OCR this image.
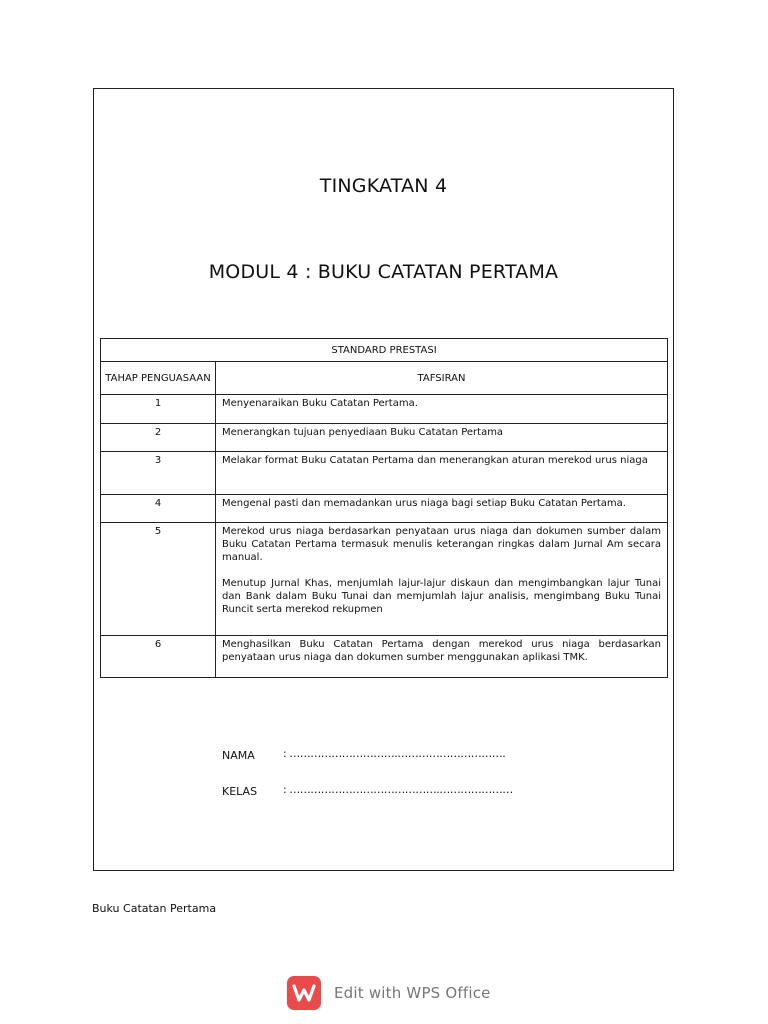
TINGKATAN 4
MODUL 4 : BUKU CATATAN PERTAMA
STANDARD PRESTASI	
TAHAP PENGUASAAN	TAFSIRAN
1	Menyenaraikan Buku Catatan Pertama.

2	Menerangkan tujuan penyediaan Buku Catatan Pertama

3	Melakar format Buku Catatan Pertama dan menerangkan aturan merekod urus niaga

4	Mengenal pasti dan memadankan urus niaga bagi setiap Buku Catatan Pertama.

5	Merekod urus niaga berdasarkan penyataan urus niaga dan dokumen sumber dalam Buku Catatan Pertama termasuk menulis keterangan ringkas dalam Jurnal Am secara manual.

Menutup Jurnal Khas, menjumlah lajur-lajur diskaun dan mengimbangkan lajur Tunai dan Bank dalam Buku Tunai dan memjumlah lajur analisis, mengimbang Buku Tunai Runcit serta merekod rekupmen

6	Menghasilkan Buku Catatan Pertama dengan merekod urus niaga berdasarkan penyataan urus niaga dan dokumen sumber menggunakan aplikasi TMK.

NAMA	: ………………………….………………………….
KELAS	: …………………………………….…………………
Buku Catatan Pertama
Edit with WPS Office
